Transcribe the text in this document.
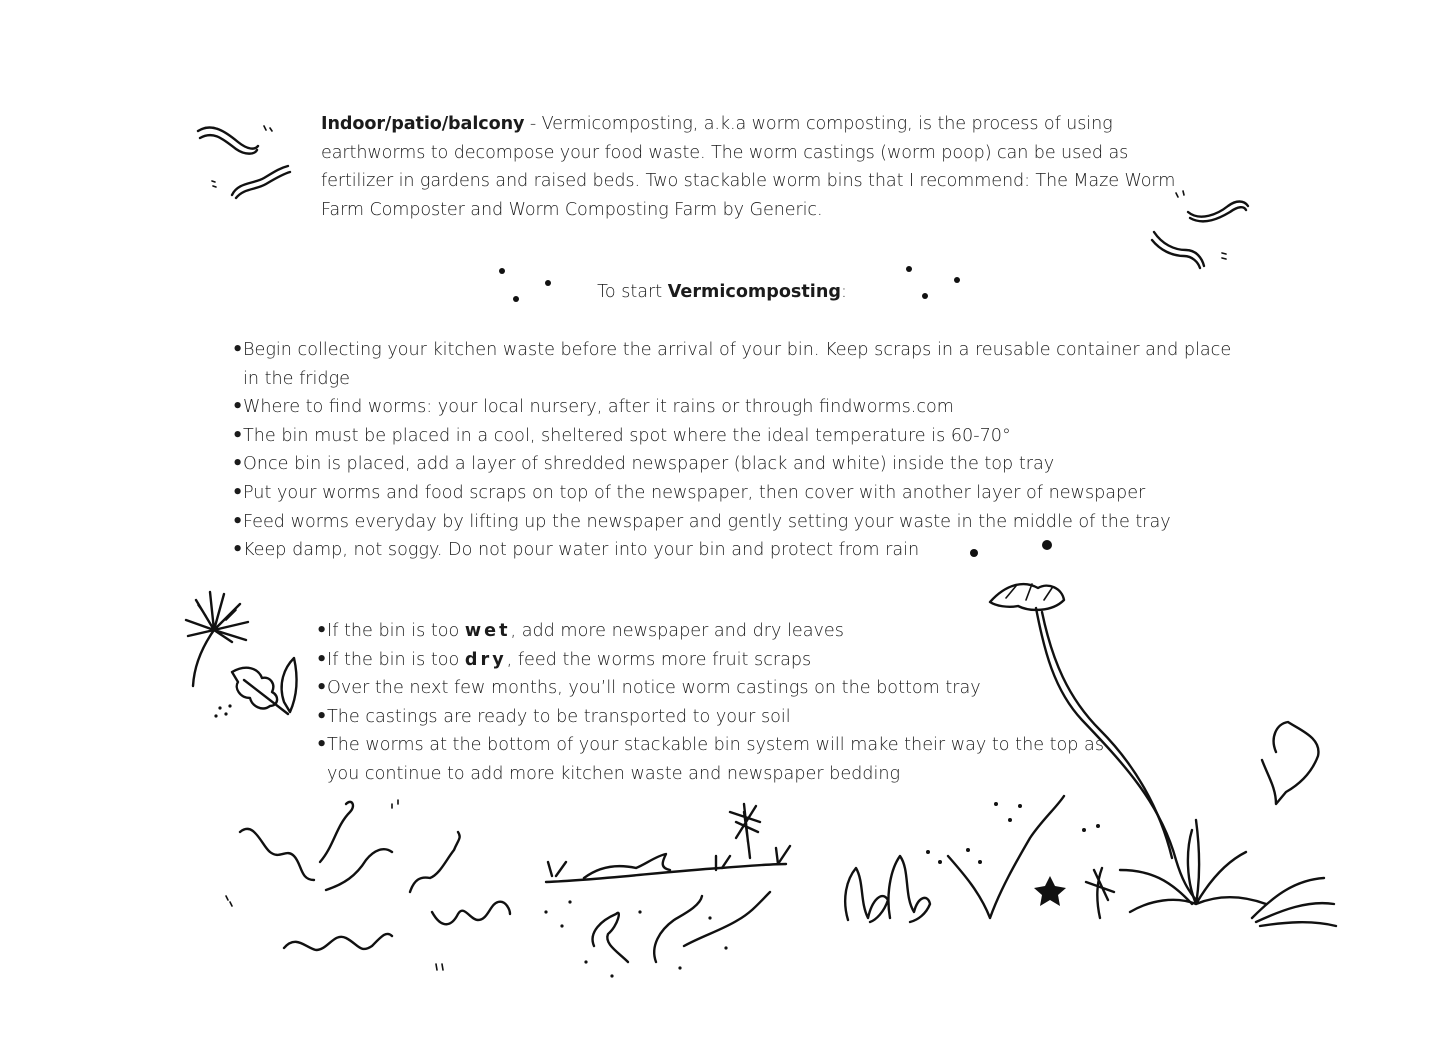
Indoor/patio/balcony - Vermicomposting, a.k.a worm composting, is the process of using earthworms to decompose your food waste. The worm castings (worm poop) can be used as fertilizer in gardens and raised beds. Two stackable worm bins that I recommend: The Maze Worm Farm Composter and Worm Composting Farm by Generic.

To start Vermicomposting:
• Begin collecting your kitchen waste before the arrival of your bin. Keep scraps in a reusable container and place in the fridge
• Where to find worms: your local nursery, after it rains or through findworms.com
• The bin must be placed in a cool, sheltered spot where the ideal temperature is 60-70°
• Once bin is placed, add a layer of shredded newspaper (black and white) inside the top tray
• Put your worms and food scraps on top of the newspaper, then cover with another layer of newspaper
• Feed worms everyday by lifting up the newspaper and gently setting your waste in the middle of the tray
• Keep damp, not soggy. Do not pour water into your bin and protect from rain
• If the bin is too wet, add more newspaper and dry leaves
• If the bin is too dry, feed the worms more fruit scraps
• Over the next few months, you’ll notice worm castings on the bottom tray
• The castings are ready to be transported to your soil
• The worms at the bottom of your stackable bin system will make their way to the top as you continue to add more kitchen waste and newspaper bedding
